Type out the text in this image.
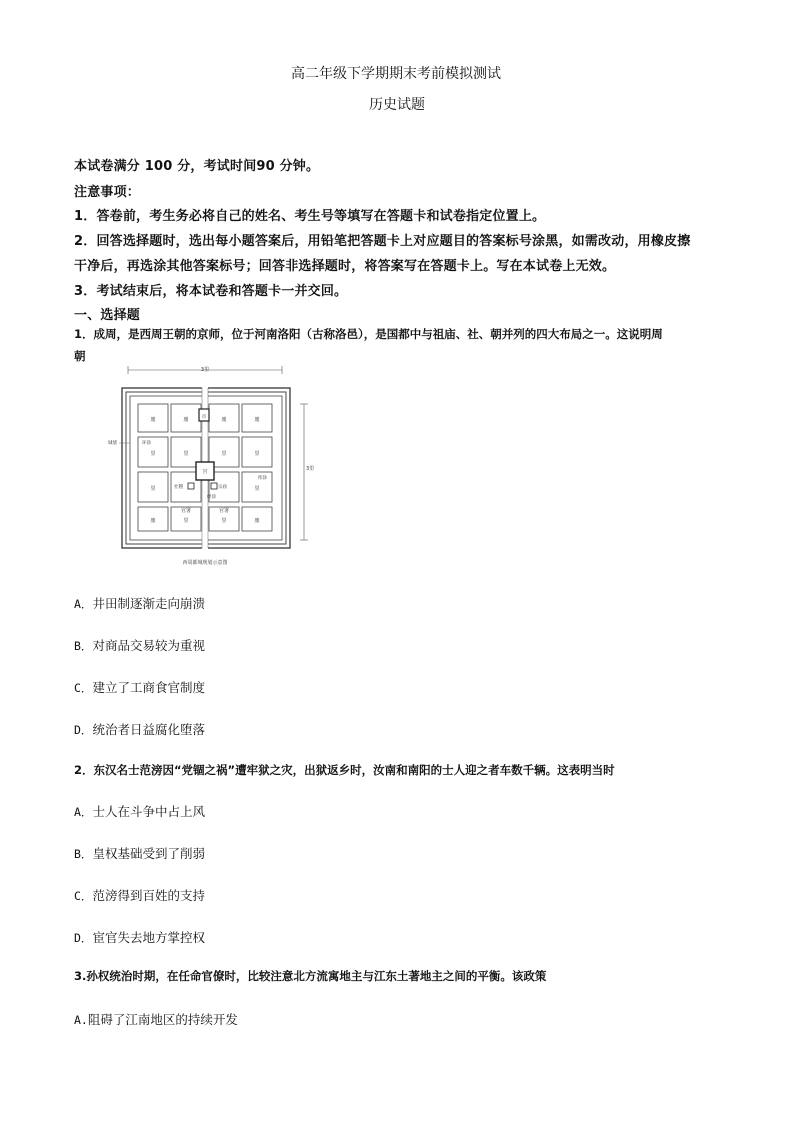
高二年级下学期期末考前模拟测试
历史试题
本试卷满分 100 分，考试时间90 分钟。
注意事项：
1．答卷前，考生务必将自己的姓名、考生号等填写在答题卡和试卷指定位置上。
2．回答选择题时，选出每小题答案后，用铅笔把答题卡上对应题目的答案标号涂黑，如需改动，用橡皮擦
干净后，再选涂其他答案标号；回答非选择题时，将答案写在答题卡上。写在本试卷上无效。
3．考试结束后，将本试卷和答题卡一并交回。
一、选择题
1．成周，是西周王朝的京师，位于河南洛阳（古称洛邑），是国都中与祖庙、社、朝并列的四大布局之一。这说明周
朝
3里
3里
宫
市
社稷	宗庙
廛	廛	廛	廛
里	里	里	里
里	里
廛	里	里	廛
官署	官署
城墙	环涂
纬涂
经涂
西周都城规划示意图
A．井田制逐渐走向崩溃
B．对商品交易较为重视
C．建立了工商食官制度
D．统治者日益腐化堕落
2．东汉名士范滂因“党锢之祸”遭牢狱之灾，出狱返乡时，汝南和南阳的士人迎之者车数千辆。这表明当时
A．士人在斗争中占上风
B．皇权基础受到了削弱
C．范滂得到百姓的支持
D．宦官失去地方掌控权
3.孙权统治时期，在任命官僚时，比较注意北方流寓地主与江东土著地主之间的平衡。该政策
A.阻碍了江南地区的持续开发
